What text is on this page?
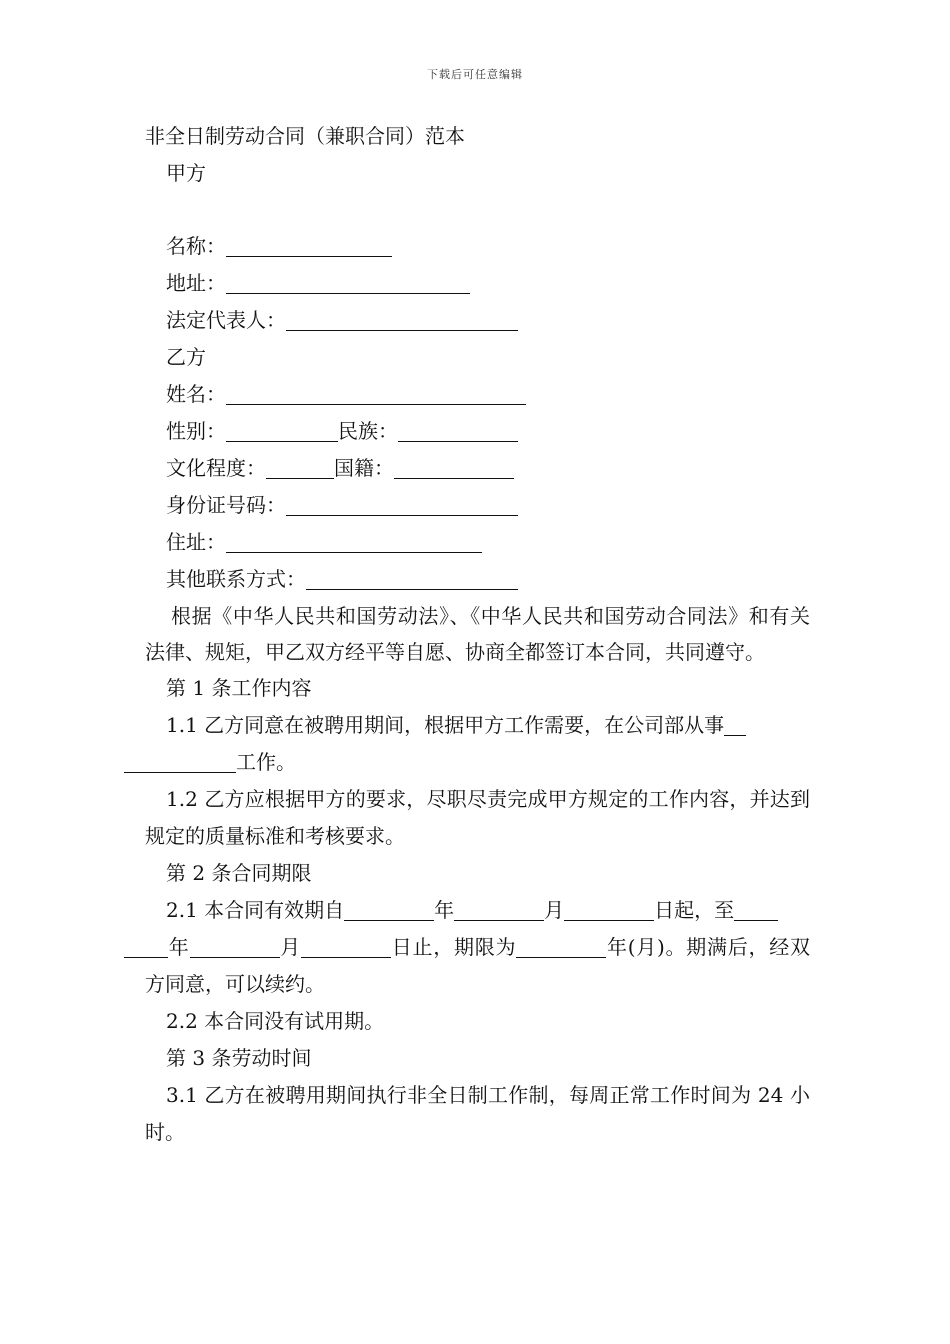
下载后可任意编辑
非全日制劳动合同（兼职合同）范本
甲方
名称：
地址：
法定代表人：
乙方
姓名：
性别：	民族：
文化程度：	国籍：
身份证号码：
住址：
其他联系方式：
根据《中华人民共和国劳动法》、《中华人民共和国劳动合同法》和有关法律、规矩，甲乙双方经平等自愿、协商全都签订本合同，共同遵守。
第 1 条工作内容
1.1 乙方同意在被聘用期间，根据甲方工作需要，在公司部从事
工作。
1.2 乙方应根据甲方的要求，尽职尽责完成甲方规定的工作内容，并达到规定的质量标准和考核要求。
第 2 条合同期限
2.1 本合同有效期自	年	月	日起，至
年	月	日止，期限为	年(月)。期满后，经双方同意，可以续约。
2.2 本合同没有试用期。
第 3 条劳动时间
3.1 乙方在被聘用期间执行非全日制工作制，每周正常工作时间为 24 小时。
